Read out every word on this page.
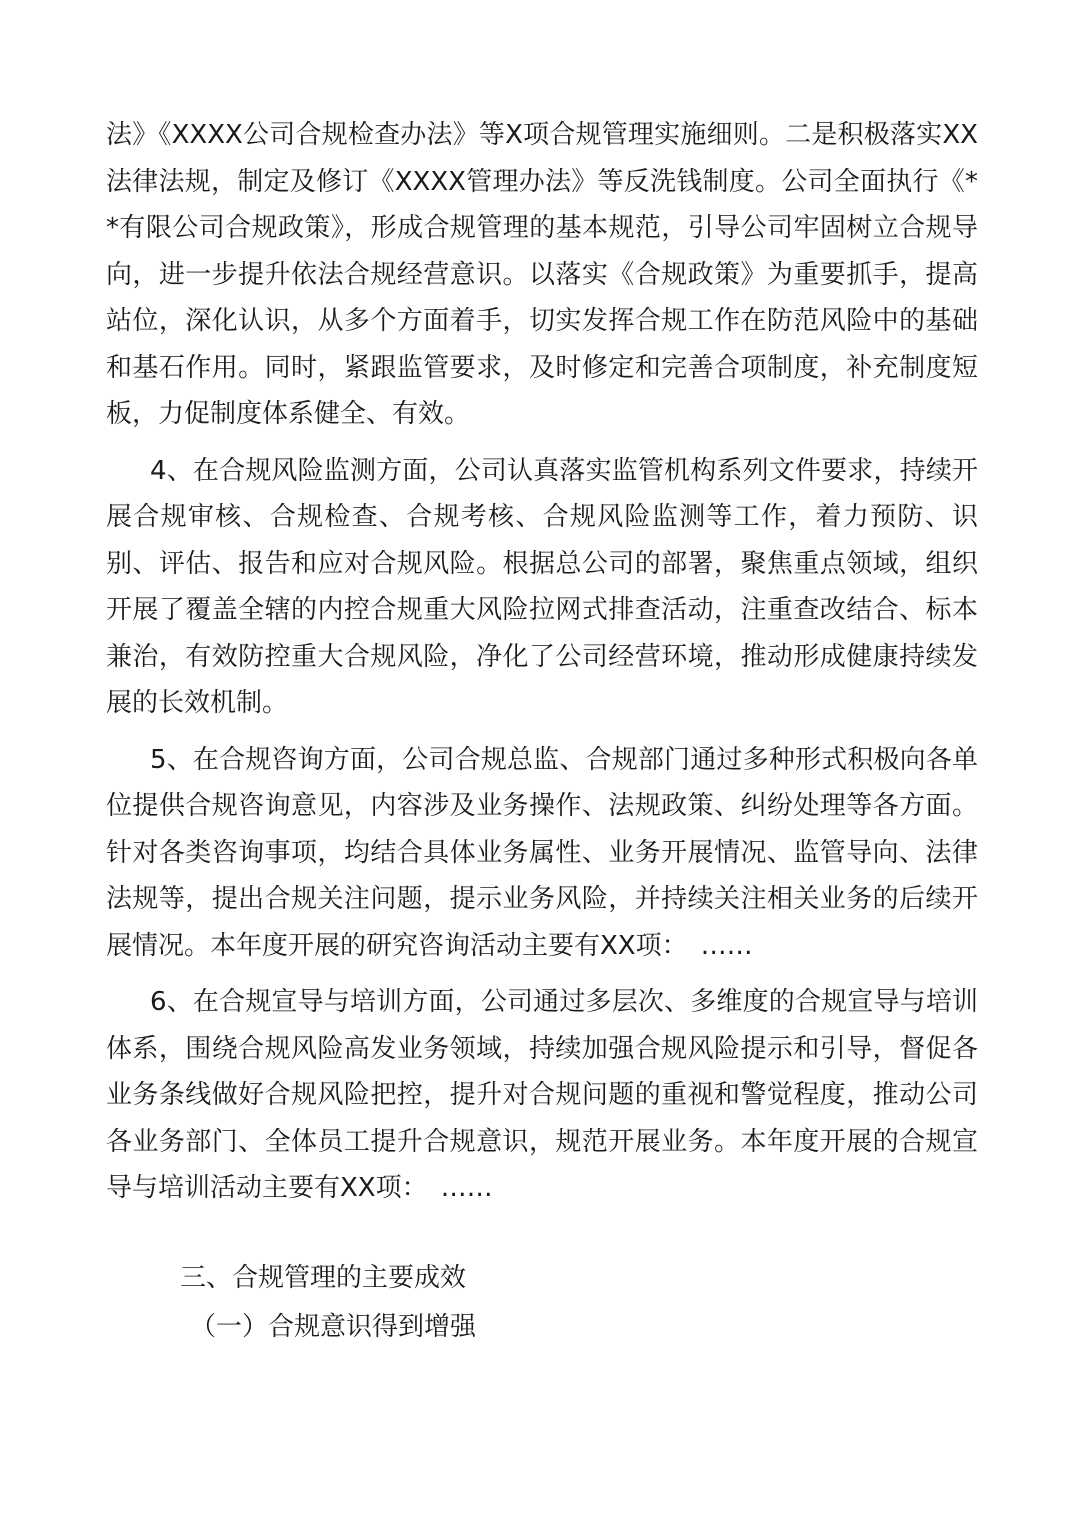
法》《XXXX公司合规检查办法》等X项合规管理实施细则。二是积极落实XX法律法规，制定及修订《XXXX管理办法》等反洗钱制度。公司全面执行《**有限公司合规政策》，形成合规管理的基本规范，引导公司牢固树立合规导向，进一步提升依法合规经营意识。以落实《合规政策》为重要抓手，提高站位，深化认识，从多个方面着手，切实发挥合规工作在防范风险中的基础和基石作用。同时，紧跟监管要求，及时修定和完善合项制度，补充制度短板，力促制度体系健全、有效。

4、在合规风险监测方面，公司认真落实监管机构系列文件要求，持续开展合规审核、合规检查、合规考核、合规风险监测等工作，着力预防、识别、评估、报告和应对合规风险。根据总公司的部署，聚焦重点领域，组织开展了覆盖全辖的内控合规重大风险拉网式排查活动，注重查改结合、标本兼治，有效防控重大合规风险，净化了公司经营环境，推动形成健康持续发展的长效机制。

5、在合规咨询方面，公司合规总监、合规部门通过多种形式积极向各单位提供合规咨询意见，内容涉及业务操作、法规政策、纠纷处理等各方面。针对各类咨询事项，均结合具体业务属性、业务开展情况、监管导向、法律法规等，提出合规关注问题，提示业务风险，并持续关注相关业务的后续开展情况。本年度开展的研究咨询活动主要有XX项：　……

6、在合规宣导与培训方面，公司通过多层次、多维度的合规宣导与培训体系，围绕合规风险高发业务领域，持续加强合规风险提示和引导，督促各业务条线做好合规风险把控，提升对合规问题的重视和警觉程度，推动公司各业务部门、全体员工提升合规意识，规范开展业务。本年度开展的合规宣导与培训活动主要有XX项：　……

三、合规管理的主要成效

（一）合规意识得到增强
